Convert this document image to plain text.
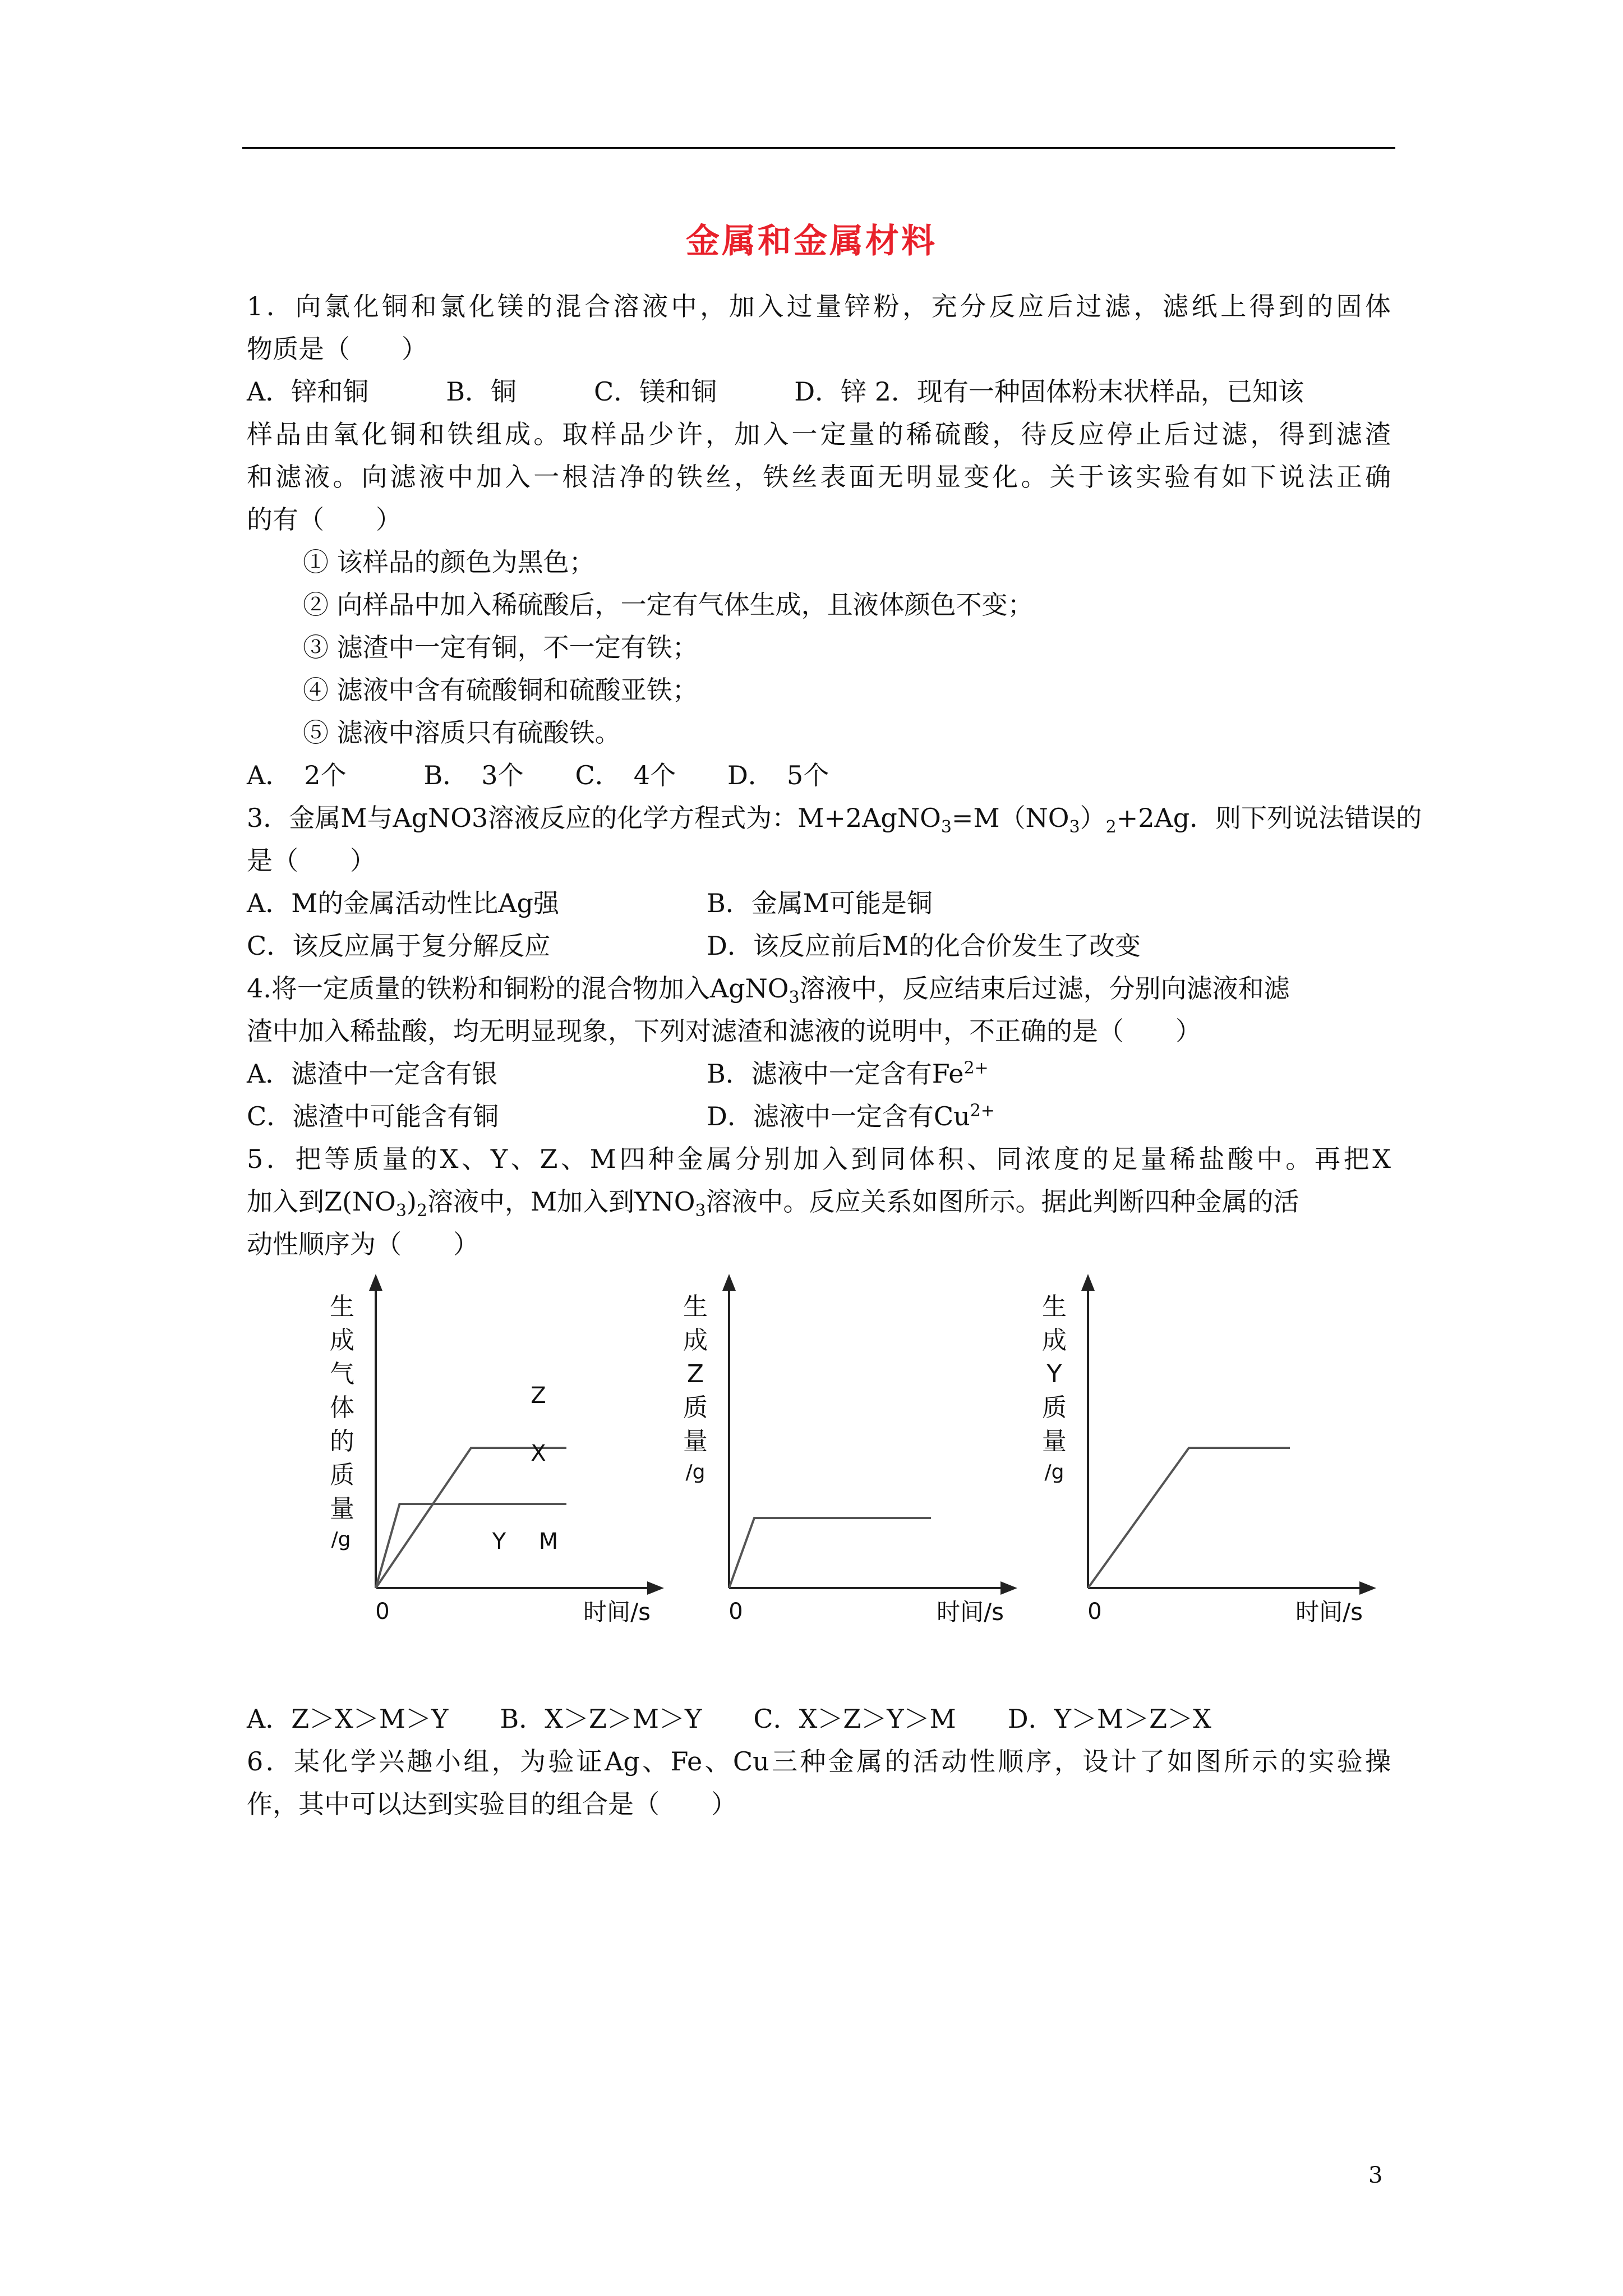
金属和金属材料
1．向氯化铜和氯化镁的混合溶液中，加入过量锌粉，充分反应后过滤，滤纸上得到的固体
物质是（　　）
A．锌和铜　　　B．铜　　　C．镁和铜　　　D．锌 2．现有一种固体粉末状样品，已知该
样品由氧化铜和铁组成。取样品少许，加入一定量的稀硫酸，待反应停止后过滤，得到滤渣
和滤液。向滤液中加入一根洁净的铁丝，铁丝表面无明显变化。关于该实验有如下说法正确
的有（　　）
① 该样品的颜色为黑色；
② 向样品中加入稀硫酸后，一定有气体生成，且液体颜色不变；
③ 滤渣中一定有铜，不一定有铁；
④ 滤液中含有硫酸铜和硫酸亚铁；
⑤ 滤液中溶质只有硫酸铁。
A．　2个　　　B．　3个　　C．　4个　　D．　5个
3．金属M与AgNO3溶液反应的化学方程式为：$M+2AgNO_3=M(NO_3)_2+2Ag$．则下列说法错误的
是（　　）
A．M的金属活动性比Ag强	B．金属M可能是铜
C．该反应属于复分解反应	D．该反应前后M的化合价发生了改变
4.将一定质量的铁粉和铜粉的混合物加入AgNO$_3$溶液中，反应结束后过滤，分别向滤液和滤
渣中加入稀盐酸，均无明显现象，下列对滤渣和滤液的说明中，不正确的是（　　）
A．滤渣中一定含有银	B．滤液中一定含有$Fe^{2+}$
C．滤渣中可能含有铜	D．滤液中一定含有$Cu^{2+}$
5．把等质量的X、Y、Z、M四种金属分别加入到同体积、同浓度的足量稀盐酸中。再把X
加入到$Z(NO_3)_2$溶液中，M加入到$YNO_3$溶液中。反应关系如图所示。据此判断四种金属的活
动性顺序为（　　）
生
成
气
体
的
质
量
/g
0	时间/s
Z
X
Y M
生
成
Z
质
量
/g
0	时间/s
生
成
Y
质
量
/g
0	时间/s
A．Z＞X＞M＞Y　　B．X＞Z＞M＞Y　　C．X＞Z＞Y＞M　　D．Y＞M＞Z＞X
6．某化学兴趣小组，为验证Ag、Fe、Cu三种金属的活动性顺序，设计了如图所示的实验操
作，其中可以达到实验目的组合是（　　）
3
